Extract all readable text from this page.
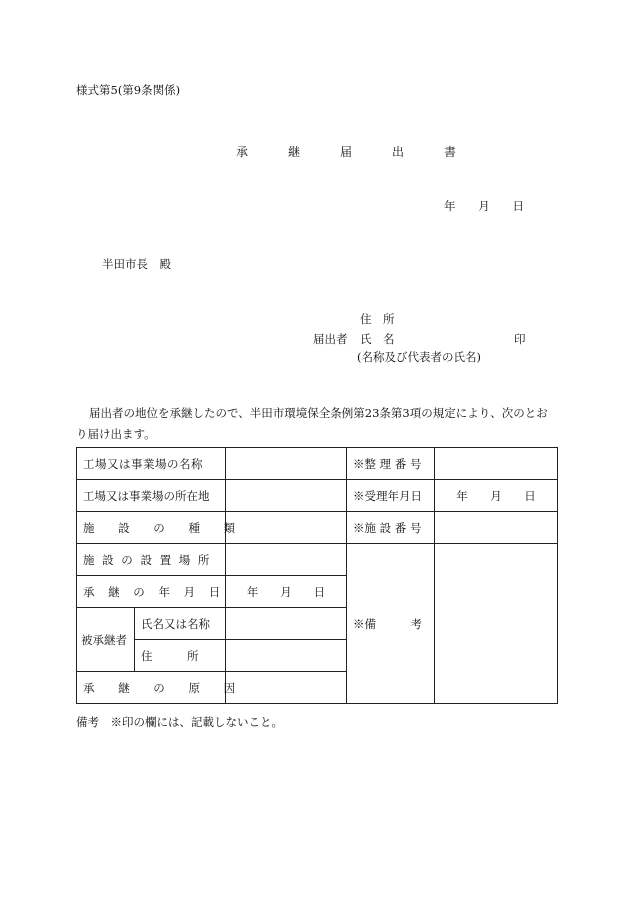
様式第5(第9条関係)
承　継　届　出　書
年 月 日
半田市長　殿
住　所
届出者 氏　名	印
(名称及び代表者の氏名)
届出者の地位を承継したので、半田市環境保全条例第23条第3項の規定により、次のとお
り届け出ます。
工場又は事業場の名称			※整 理 番 号	
工場又は事業場の所在地			※受理年月日	年 月 日

施 設 の 種 類			※施 設 番 号	
施 設 の 設 置 場 所			※備　　　考	
承 継 の 年 月 日		年 月 日		

被承継者	氏名又は名称			
	住　　　所			
承 継 の 原 因				
備考　※印の欄には、記載しないこと。
